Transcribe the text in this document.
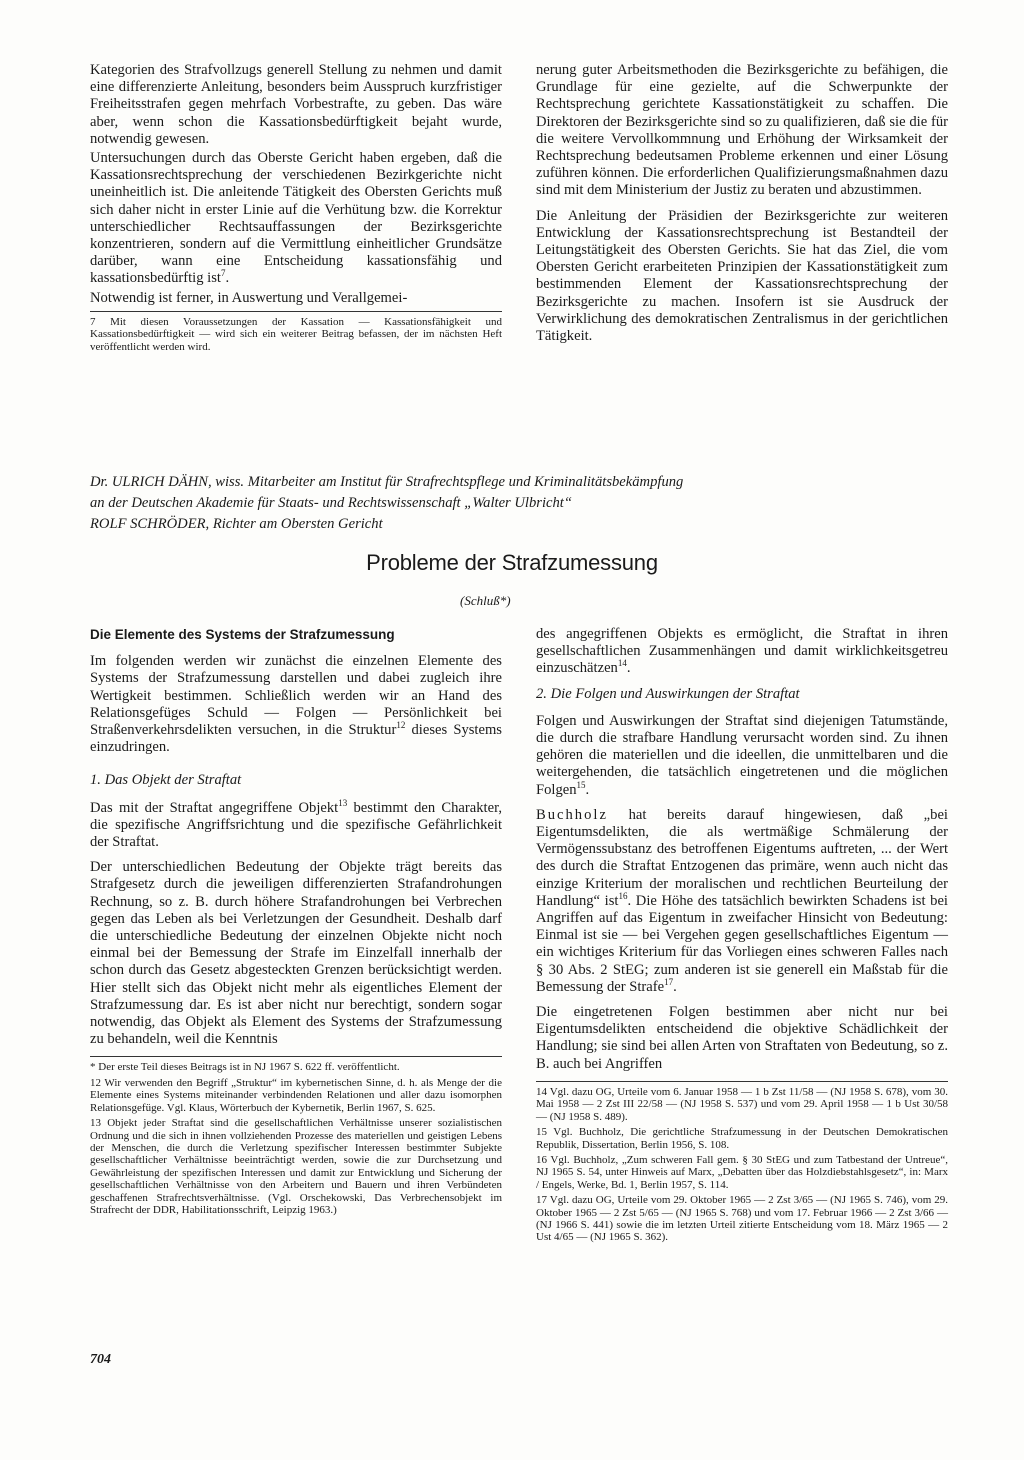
Kategorien des Strafvollzugs generell Stellung zu nehmen und damit eine differenzierte Anleitung, besonders beim Ausspruch kurzfristiger Freiheitsstrafen gegen mehrfach Vorbestrafte, zu geben. Das wäre aber, wenn schon die Kassationsbedürftigkeit bejaht wurde, notwendig gewesen.

Untersuchungen durch das Oberste Gericht haben ergeben, daß die Kassationsrechtsprechung der verschiedenen Bezirkgerichte nicht uneinheitlich ist. Die anleitende Tätigkeit des Obersten Gerichts muß sich daher nicht in erster Linie auf die Verhütung bzw. die Korrektur unterschiedlicher Rechtsauffassungen der Bezirksgerichte konzentrieren, sondern auf die Vermittlung einheitlicher Grundsätze darüber, wann eine Entscheidung kassationsfähig und kassationsbedürftig ist$^7$.

Notwendig ist ferner, in Auswertung und Verallgemei-

7 Mit diesen Voraussetzungen der Kassation — Kassationsfähigkeit und Kassationsbedürftigkeit — wird sich ein weiterer Beitrag befassen, der im nächsten Heft veröffentlicht werden wird.

nerung guter Arbeitsmethoden die Bezirksgerichte zu befähigen, die Grundlage für eine gezielte, auf die Schwerpunkte der Rechtsprechung gerichtete Kassationstätigkeit zu schaffen. Die Direktoren der Bezirksgerichte sind so zu qualifizieren, daß sie die für die weitere Vervollkommnung und Erhöhung der Wirksamkeit der Rechtsprechung bedeutsamen Probleme erkennen und einer Lösung zuführen können. Die erforderlichen Qualifizierungsmaßnahmen dazu sind mit dem Ministerium der Justiz zu beraten und abzustimmen.

Die Anleitung der Präsidien der Bezirksgerichte zur weiteren Entwicklung der Kassationsrechtsprechung ist Bestandteil der Leitungstätigkeit des Obersten Gerichts. Sie hat das Ziel, die vom Obersten Gericht erarbeiteten Prinzipien der Kassationstätigkeit zum bestimmenden Element der Kassationsrechtsprechung der Bezirksgerichte zu machen. Insofern ist sie Ausdruck der Verwirklichung des demokratischen Zentralismus in der gerichtlichen Tätigkeit.

Dr. ULRICH DÄHN, wiss. Mitarbeiter am Institut für Strafrechtspflege und Kriminalitätsbekämpfung
an der Deutschen Akademie für Staats- und Rechtswissenschaft „Walter Ulbricht“
ROLF SCHRÖDER, Richter am Obersten Gericht
Probleme der Strafzumessung
(Schluß*)

Die Elemente des Systems der Strafzumessung

Im folgenden werden wir zunächst die einzelnen Elemente des Systems der Strafzumessung darstellen und dabei zugleich ihre Wertigkeit bestimmen. Schließlich werden wir an Hand des Relationsgefüges Schuld — Folgen — Persönlichkeit bei Straßenverkehrsdelikten versuchen, in die Struktur$^{12}$ dieses Systems einzudringen.

1. Das Objekt der Straftat

Das mit der Straftat angegriffene Objekt$^{13}$ bestimmt den Charakter, die spezifische Angriffsrichtung und die spezifische Gefährlichkeit der Straftat.

Der unterschiedlichen Bedeutung der Objekte trägt bereits das Strafgesetz durch die jeweiligen differenzierten Strafandrohungen Rechnung, so z. B. durch höhere Strafandrohungen bei Verbrechen gegen das Leben als bei Verletzungen der Gesundheit. Deshalb darf die unterschiedliche Bedeutung der einzelnen Objekte nicht noch einmal bei der Bemessung der Strafe im Einzelfall innerhalb der schon durch das Gesetz abgesteckten Grenzen berücksichtigt werden. Hier stellt sich das Objekt nicht mehr als eigentliches Element der Strafzumessung dar. Es ist aber nicht nur berechtigt, sondern sogar notwendig, das Objekt als Element des Systems der Strafzumessung zu behandeln, weil die Kenntnis

* Der erste Teil dieses Beitrags ist in NJ 1967 S. 622 ff. veröffentlicht.

12 Wir verwenden den Begriff „Struktur“ im kybernetischen Sinne, d. h. als Menge der die Elemente eines Systems miteinander verbindenden Relationen und aller dazu isomorphen Relationsgefüge. Vgl. Klaus, Wörterbuch der Kybernetik, Berlin 1967, S. 625.

13 Objekt jeder Straftat sind die gesellschaftlichen Verhältnisse unserer sozialistischen Ordnung und die sich in ihnen vollziehenden Prozesse des materiellen und geistigen Lebens der Menschen, die durch die Verletzung spezifischer Interessen bestimmter Subjekte gesellschaftlicher Verhältnisse beeinträchtigt werden, sowie die zur Durchsetzung und Gewährleistung der spezifischen Interessen und damit zur Entwicklung und Sicherung der gesellschaftlichen Verhältnisse von den Arbeitern und Bauern und ihren Verbündeten geschaffenen Strafrechtsverhältnisse. (Vgl. Orschekowski, Das Verbrechensobjekt im Strafrecht der DDR, Habilitationsschrift, Leipzig 1963.)

des angegriffenen Objekts es ermöglicht, die Straftat in ihren gesellschaftlichen Zusammenhängen und damit wirklichkeitsgetreu einzuschätzen$^{14}$.

2. Die Folgen und Auswirkungen der Straftat

Folgen und Auswirkungen der Straftat sind diejenigen Tatumstände, die durch die strafbare Handlung verursacht worden sind. Zu ihnen gehören die materiellen und die ideellen, die unmittelbaren und die weitergehenden, die tatsächlich eingetretenen und die möglichen Folgen$^{15}$.

Buchholz hat bereits darauf hingewiesen, daß „bei Eigentumsdelikten, die als wertmäßige Schmälerung der Vermögenssubstanz des betroffenen Eigentums auftreten, ... der Wert des durch die Straftat Entzogenen das primäre, wenn auch nicht das einzige Kriterium der moralischen und rechtlichen Beurteilung der Handlung“ ist$^{16}$. Die Höhe des tatsächlich bewirkten Schadens ist bei Angriffen auf das Eigentum in zweifacher Hinsicht von Bedeutung: Einmal ist sie — bei Vergehen gegen gesellschaftliches Eigentum — ein wichtiges Kriterium für das Vorliegen eines schweren Falles nach § 30 Abs. 2 StEG; zum anderen ist sie generell ein Maßstab für die Bemessung der Strafe$^{17}$.

Die eingetretenen Folgen bestimmen aber nicht nur bei Eigentumsdelikten entscheidend die objektive Schädlichkeit der Handlung; sie sind bei allen Arten von Straftaten von Bedeutung, so z. B. auch bei Angriffen

14 Vgl. dazu OG, Urteile vom 6. Januar 1958 — 1 b Zst 11/58 — (NJ 1958 S. 678), vom 30. Mai 1958 — 2 Zst III 22/58 — (NJ 1958 S. 537) und vom 29. April 1958 — 1 b Ust 30/58 — (NJ 1958 S. 489).

15 Vgl. Buchholz, Die gerichtliche Strafzumessung in der Deutschen Demokratischen Republik, Dissertation, Berlin 1956, S. 108.

16 Vgl. Buchholz, „Zum schweren Fall gem. § 30 StEG und zum Tatbestand der Untreue“, NJ 1965 S. 54, unter Hinweis auf Marx, „Debatten über das Holzdiebstahlsgesetz“, in: Marx / Engels, Werke, Bd. 1, Berlin 1957, S. 114.

17 Vgl. dazu OG, Urteile vom 29. Oktober 1965 — 2 Zst 3/65 — (NJ 1965 S. 746), vom 29. Oktober 1965 — 2 Zst 5/65 — (NJ 1965 S. 768) und vom 17. Februar 1966 — 2 Zst 3/66 — (NJ 1966 S. 441) sowie die im letzten Urteil zitierte Entscheidung vom 18. März 1965 — 2 Ust 4/65 — (NJ 1965 S. 362).

704
